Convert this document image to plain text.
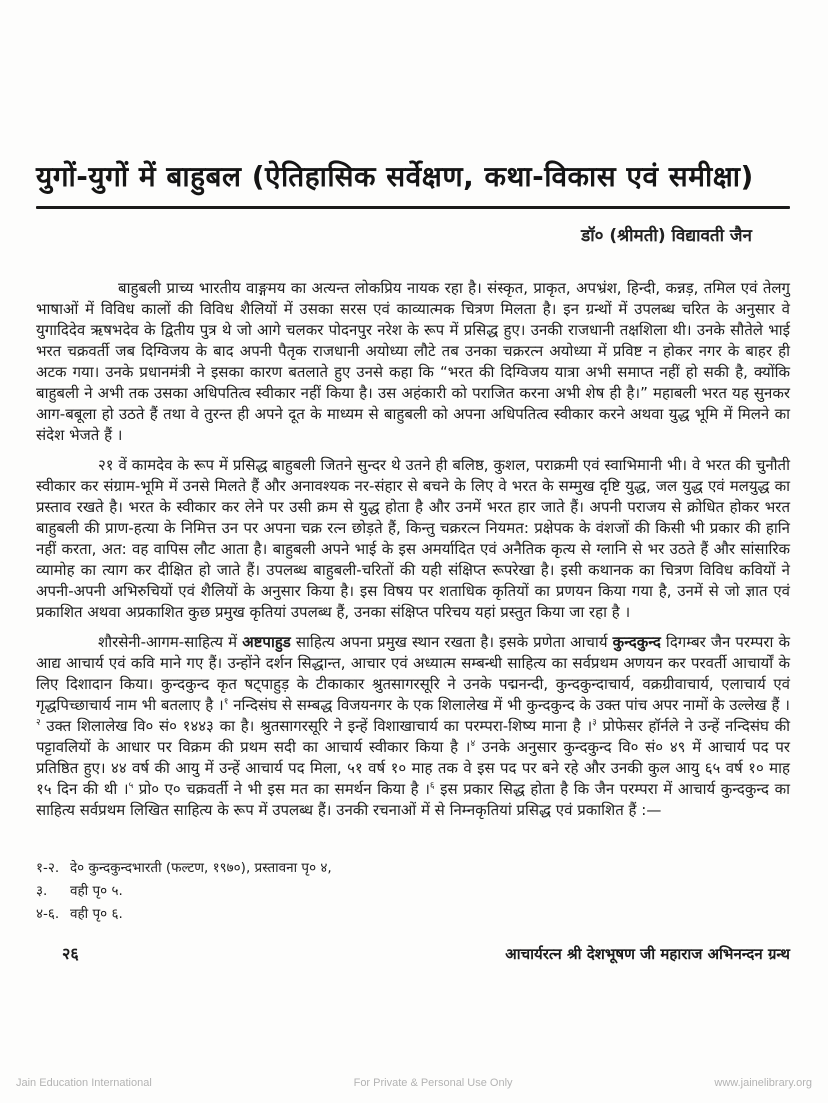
युगों-युगों में बाहुबल (ऐतिहासिक सर्वेक्षण, कथा-विकास एवं समीक्षा)
डॉ० (श्रीमती) विद्यावती जैन

बाहुबली प्राच्य भारतीय वाङ्गमय का अत्यन्त लोकप्रिय नायक रहा है। संस्कृत, प्राकृत, अपभ्रंश, हिन्दी, कन्नड़, तमिल एवं तेलगु भाषाओं में विविध कालों की विविध शैलियों में उसका सरस एवं काव्यात्मक चित्रण मिलता है। इन ग्रन्थों में उपलब्ध चरित के अनुसार वे युगादिदेव ऋषभदेव के द्वितीय पुत्र थे जो आगे चलकर पोदनपुर नरेश के रूप में प्रसिद्ध हुए। उनकी राजधानी तक्षशिला थी। उनके सौतेले भाई भरत चक्रवर्ती जब दिग्विजय के बाद अपनी पैतृक राजधानी अयोध्या लौटे तब उनका चक्ररत्न अयोध्या में प्रविष्ट न होकर नगर के बाहर ही अटक गया। उनके प्रधानमंत्री ने इसका कारण बतलाते हुए उनसे कहा कि “भरत की दिग्विजय यात्रा अभी समाप्त नहीं हो सकी है, क्योंकि बाहुबली ने अभी तक उसका अधिपतित्व स्वीकार नहीं किया है। उस अहंकारी को पराजित करना अभी शेष ही है।” महाबली भरत यह सुनकर आग-बबूला हो उठते हैं तथा वे तुरन्त ही अपने दूत के माध्यम से बाहुबली को अपना अधिपतित्व स्वीकार करने अथवा युद्ध भूमि में मिलने का संदेश भेजते हैं ।

२१ वें कामदेव के रूप में प्रसिद्ध बाहुबली जितने सुन्दर थे उतने ही बलिष्ठ, कुशल, पराक्रमी एवं स्वाभिमानी भी। वे भरत की चुनौती स्वीकार कर संग्राम-भूमि में उनसे मिलते हैं और अनावश्यक नर-संहार से बचने के लिए वे भरत के सम्मुख दृष्टि युद्ध, जल युद्ध एवं मलयुद्ध का प्रस्ताव रखते है। भरत के स्वीकार कर लेने पर उसी क्रम से युद्ध होता है और उनमें भरत हार जाते हैं। अपनी पराजय से क्रोधित होकर भरत बाहुबली की प्राण-हत्या के निमित्त उन पर अपना चक्र रत्न छोड़ते हैं, किन्तु चक्ररत्न नियमत: प्रक्षेपक के वंशजों की किसी भी प्रकार की हानि नहीं करता, अत: वह वापिस लौट आता है। बाहुबली अपने भाई के इस अमर्यादित एवं अनैतिक कृत्य से ग्लानि से भर उठते हैं और सांसारिक व्यामोह का त्याग कर दीक्षित हो जाते हैं। उपलब्ध बाहुबली-चरितों की यही संक्षिप्त रूपरेखा है। इसी कथानक का चित्रण विविध कवियों ने अपनी-अपनी अभिरुचियों एवं शैलियों के अनुसार किया है। इस विषय पर शताधिक कृतियों का प्रणयन किया गया है, उनमें से जो ज्ञात एवं प्रकाशित अथवा अप्रकाशित कुछ प्रमुख कृतियां उपलब्ध हैं, उनका संक्षिप्त परिचय यहां प्रस्तुत किया जा रहा है ।

शौरसेनी-आगम-साहित्य में अष्टपाहुड साहित्य अपना प्रमुख स्थान रखता है। इसके प्रणेता आचार्य कुन्दकुन्द दिगम्बर जैन परम्परा के आद्य आचार्य एवं कवि माने गए हैं। उन्होंने दर्शन सिद्धान्त, आचार एवं अध्यात्म सम्बन्धी साहित्य का सर्वप्रथम अणयन कर परवर्ती आचार्यों के लिए दिशादान किया। कुन्दकुन्द कृत षट्पाहुड़ के टीकाकार श्रुतसागरसूरि ने उनके पद्मनन्दी, कुन्दकुन्दाचार्य, वक्रग्रीवाचार्य, एलाचार्य एवं गृद्धपिच्छाचार्य नाम भी बतलाए है ।$^१$ नन्दिसंघ से सम्बद्ध विजयनगर के एक शिलालेख में भी कुन्दकुन्द के उक्त पांच अपर नामों के उल्लेख हैं ।$^२$ उक्त शिलालेख वि० सं० १४४३ का है। श्रुतसागरसूरि ने इन्हें विशाखाचार्य का परम्परा-शिष्य माना है ।$^३$ प्रोफेसर हॉर्नले ने उन्हें नन्दिसंघ की पट्टावलियों के आधार पर विक्रम की प्रथम सदी का आचार्य स्वीकार किया है ।$^४$ उनके अनुसार कुन्दकुन्द वि० सं० ४९ में आचार्य पद पर प्रतिष्ठित हुए। ४४ वर्ष की आयु में उन्हें आचार्य पद मिला, ५१ वर्ष १० माह तक वे इस पद पर बने रहे और उनकी कुल आयु ६५ वर्ष १० माह १५ दिन की थी ।$^५$ प्रो० ए० चक्रवर्ती ने भी इस मत का समर्थन किया है ।$^६$ इस प्रकार सिद्ध होता है कि जैन परम्परा में आचार्य कुन्दकुन्द का साहित्य सर्वप्रथम लिखित साहित्य के रूप में उपलब्ध हैं। उनकी रचनाओं में से निम्नकृतियां प्रसिद्ध एवं प्रकाशित हैं :—

१-२. दे० कुन्दकुन्दभारती (फल्टण, १९७०), प्रस्तावना पृ० ४,
३. वही पृ० ५.
४-६. वही पृ० ६.
२६	आचार्यरत्न श्री देशभूषण जी महाराज अभिनन्दन ग्रन्थ
Jain Education International	For Private & Personal Use Only	www.jainelibrary.org
